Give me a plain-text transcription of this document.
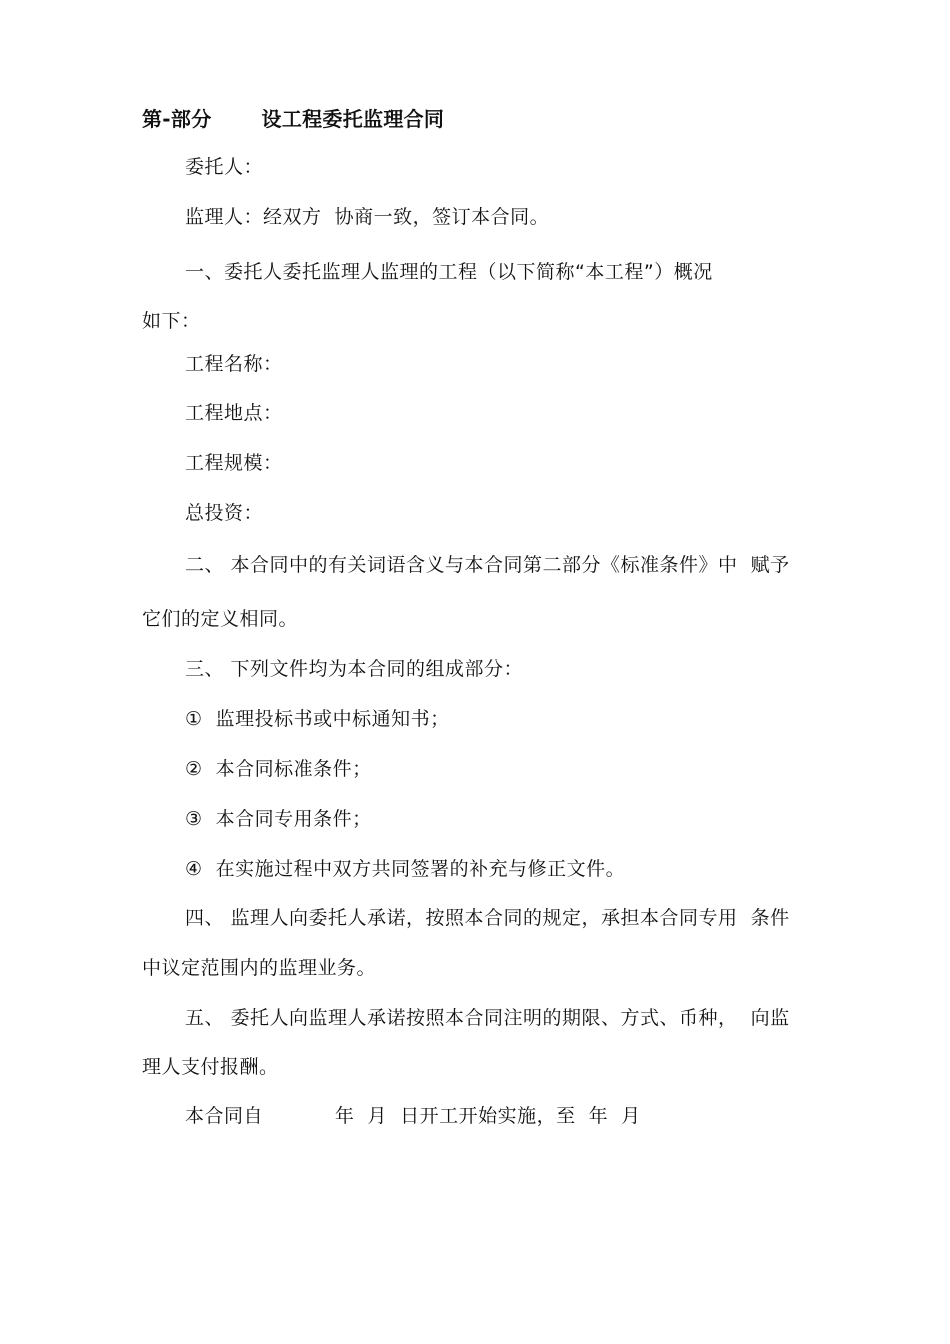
第-部分	设工程委托监理合同
委托人：
监理人：经双方  协商一致，签订本合同。
一、委托人委托监理人监理的工程（以下简称“本工程”）概况
如下：
工程名称：
工程地点：
工程规模：
总投资：
二、 本合同中的有关词语含义与本合同第二部分《标准条件》中  赋予
它们的定义相同。
三、 下列文件均为本合同的组成部分：
①  监理投标书或中标通知书；
②  本合同标准条件；
③  本合同专用条件；
④  在实施过程中双方共同签署的补充与修正文件。
四、 监理人向委托人承诺，按照本合同的规定，承担本合同专用  条件
中议定范围内的监理业务。
五、 委托人向监理人承诺按照本合同注明的期限、方式、币种，  向监
理人支付报酬。
本合同自           年  月  日开工开始实施，至  年  月
